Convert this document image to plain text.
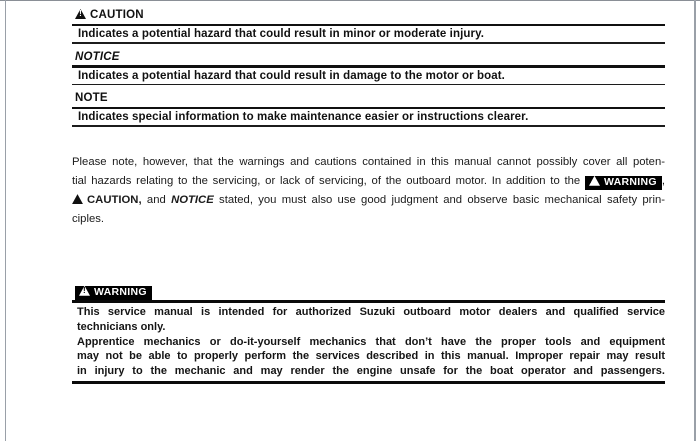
!CAUTION
Indicates a potential hazard that could result in minor or moderate injury.
NOTICE
Indicates a potential hazard that could result in damage to the motor or boat.
NOTE
Indicates special information to make maintenance easier or instructions clearer.
Please note, however, that the warnings and cautions contained in this manual cannot possibly cover all poten-
tial hazards relating to the servicing, or lack of servicing, of the outboard motor. In addition to the ! WARNING ,
!CAUTION, and NOTICE stated, you must also use good judgment and observe basic mechanical safety prin-
ciples.
!WARNING
This service manual is intended for authorized Suzuki outboard motor dealers and qualified service
technicians only.
Apprentice mechanics or do-it-yourself mechanics that don’t have the proper tools and equipment
may not be able to properly perform the services described in this manual. Improper repair may result
in injury to the mechanic and may render the engine unsafe for the boat operator and passengers.
